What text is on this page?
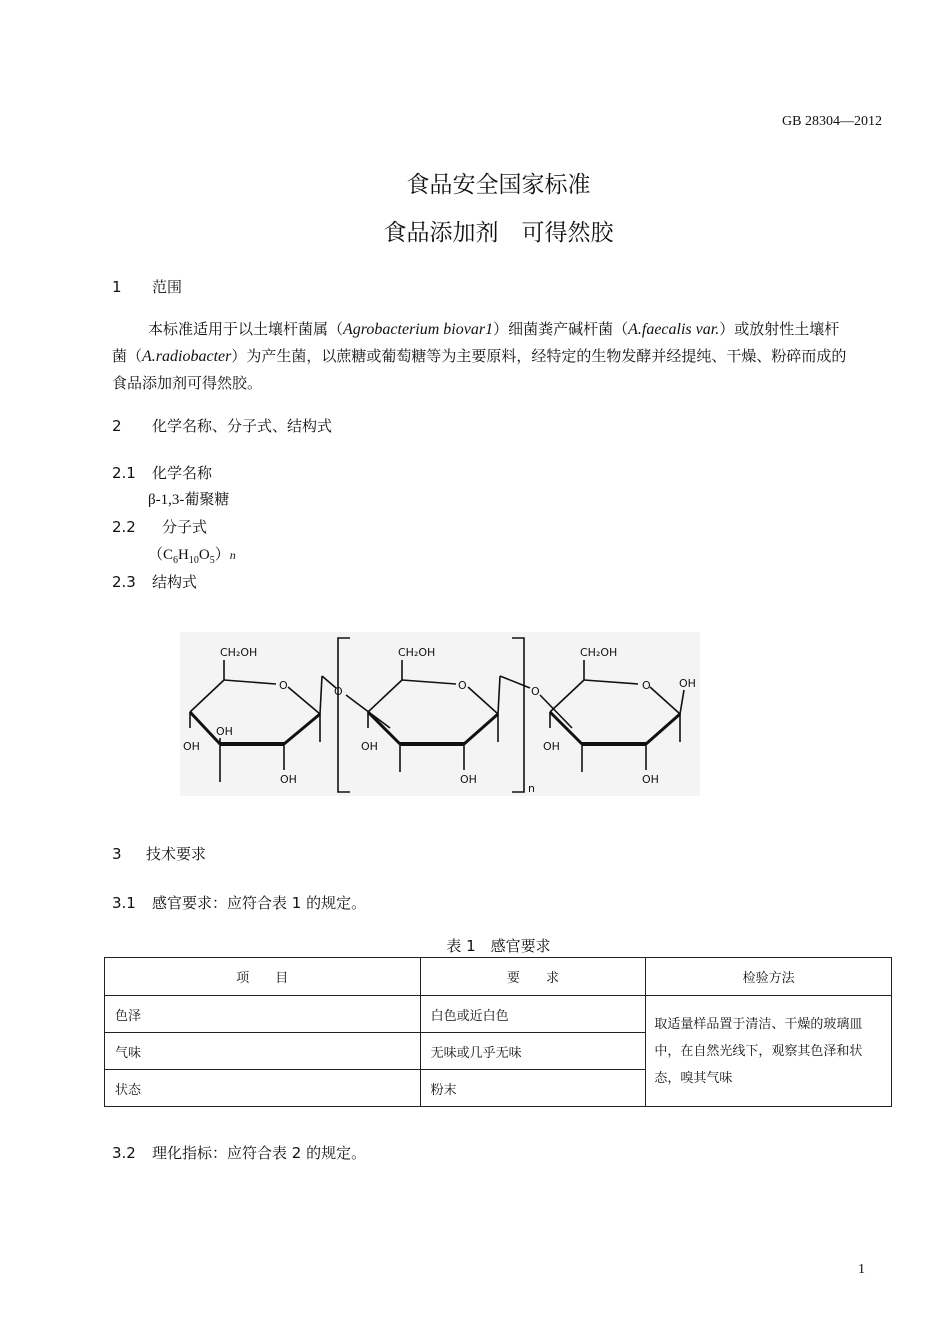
GB 28304—2012
食品安全国家标准
食品添加剂　可得然胶
1 范围
本标准适用于以土壤杆菌属（Agrobacterium biovar1）细菌粪产碱杆菌（A.faecalis var.）或放射性土壤杆菌（A.radiobacter）为产生菌，以蔗糖或葡萄糖等为主要原料，经特定的生物发酵并经提纯、干燥、粉碎而成的食品添加剂可得然胶。
2 化学名称、分子式、结构式
2.1 化学名称
β-1,3-葡聚糖
2.2 分子式
$(C_6H_{10}O_5)n$
2.3 结构式
CH₂OH
O
OH
OH
OH
O
CH₂OH
O
OH
OH
O
n
CH₂OH
O	OH
OH
OH
3 技术要求
3.1 感官要求：应符合表 1 的规定。
表 1　感官要求
项　　目	要　　求	检验方法
色泽	白色或近白色	取适量样品置于清洁、干燥的玻璃皿中，在自然光线下，观察其色泽和状态，嗅其气味
气味	无味或几乎无味	
状态	粉末	
3.2 理化指标：应符合表 2 的规定。
1
